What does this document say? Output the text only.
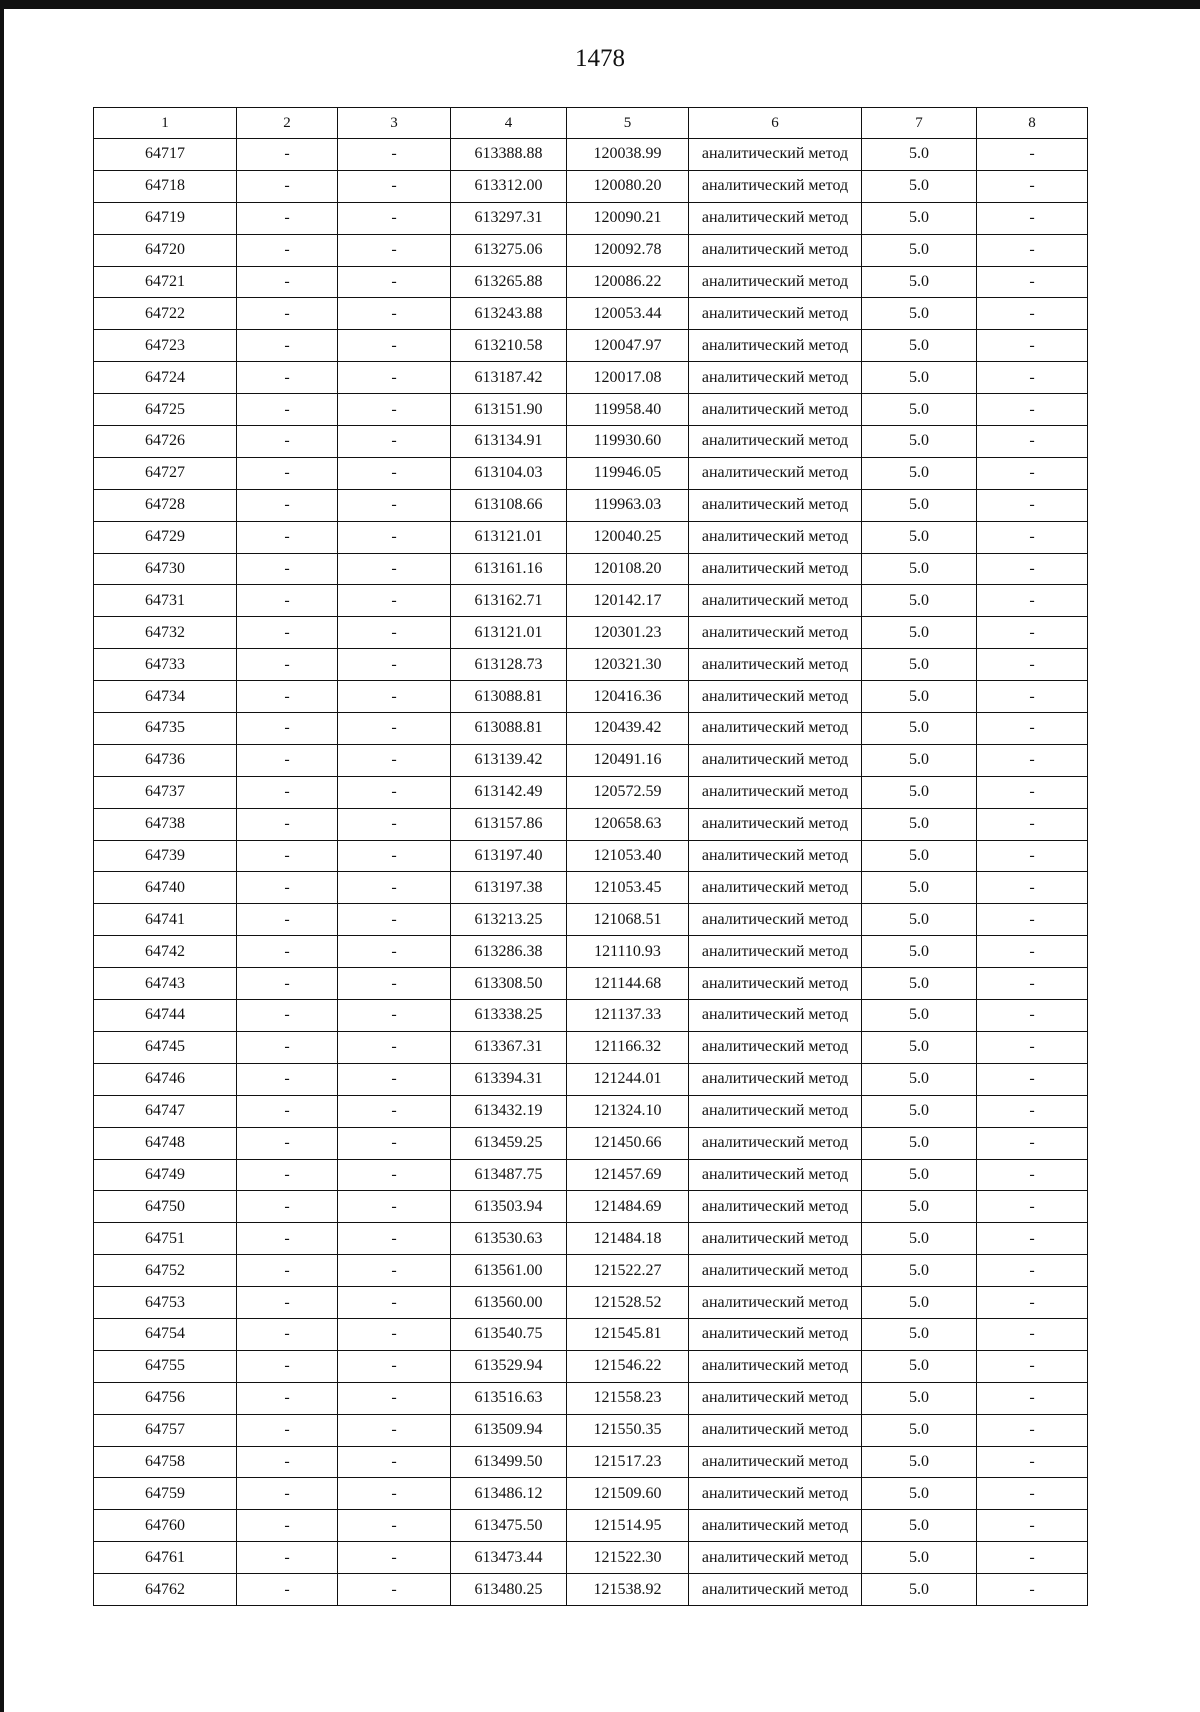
1478
1	2	3	4	5	6	7	8
64717	-	-	613388.88	120038.99	аналитический метод	5.0	-
64718	-	-	613312.00	120080.20	аналитический метод	5.0	-
64719	-	-	613297.31	120090.21	аналитический метод	5.0	-
64720	-	-	613275.06	120092.78	аналитический метод	5.0	-
64721	-	-	613265.88	120086.22	аналитический метод	5.0	-
64722	-	-	613243.88	120053.44	аналитический метод	5.0	-
64723	-	-	613210.58	120047.97	аналитический метод	5.0	-
64724	-	-	613187.42	120017.08	аналитический метод	5.0	-
64725	-	-	613151.90	119958.40	аналитический метод	5.0	-
64726	-	-	613134.91	119930.60	аналитический метод	5.0	-
64727	-	-	613104.03	119946.05	аналитический метод	5.0	-
64728	-	-	613108.66	119963.03	аналитический метод	5.0	-
64729	-	-	613121.01	120040.25	аналитический метод	5.0	-
64730	-	-	613161.16	120108.20	аналитический метод	5.0	-
64731	-	-	613162.71	120142.17	аналитический метод	5.0	-
64732	-	-	613121.01	120301.23	аналитический метод	5.0	-
64733	-	-	613128.73	120321.30	аналитический метод	5.0	-
64734	-	-	613088.81	120416.36	аналитический метод	5.0	-
64735	-	-	613088.81	120439.42	аналитический метод	5.0	-
64736	-	-	613139.42	120491.16	аналитический метод	5.0	-
64737	-	-	613142.49	120572.59	аналитический метод	5.0	-
64738	-	-	613157.86	120658.63	аналитический метод	5.0	-
64739	-	-	613197.40	121053.40	аналитический метод	5.0	-
64740	-	-	613197.38	121053.45	аналитический метод	5.0	-
64741	-	-	613213.25	121068.51	аналитический метод	5.0	-
64742	-	-	613286.38	121110.93	аналитический метод	5.0	-
64743	-	-	613308.50	121144.68	аналитический метод	5.0	-
64744	-	-	613338.25	121137.33	аналитический метод	5.0	-
64745	-	-	613367.31	121166.32	аналитический метод	5.0	-
64746	-	-	613394.31	121244.01	аналитический метод	5.0	-
64747	-	-	613432.19	121324.10	аналитический метод	5.0	-
64748	-	-	613459.25	121450.66	аналитический метод	5.0	-
64749	-	-	613487.75	121457.69	аналитический метод	5.0	-
64750	-	-	613503.94	121484.69	аналитический метод	5.0	-
64751	-	-	613530.63	121484.18	аналитический метод	5.0	-
64752	-	-	613561.00	121522.27	аналитический метод	5.0	-
64753	-	-	613560.00	121528.52	аналитический метод	5.0	-
64754	-	-	613540.75	121545.81	аналитический метод	5.0	-
64755	-	-	613529.94	121546.22	аналитический метод	5.0	-
64756	-	-	613516.63	121558.23	аналитический метод	5.0	-
64757	-	-	613509.94	121550.35	аналитический метод	5.0	-
64758	-	-	613499.50	121517.23	аналитический метод	5.0	-
64759	-	-	613486.12	121509.60	аналитический метод	5.0	-
64760	-	-	613475.50	121514.95	аналитический метод	5.0	-
64761	-	-	613473.44	121522.30	аналитический метод	5.0	-
64762	-	-	613480.25	121538.92	аналитический метод	5.0	-
